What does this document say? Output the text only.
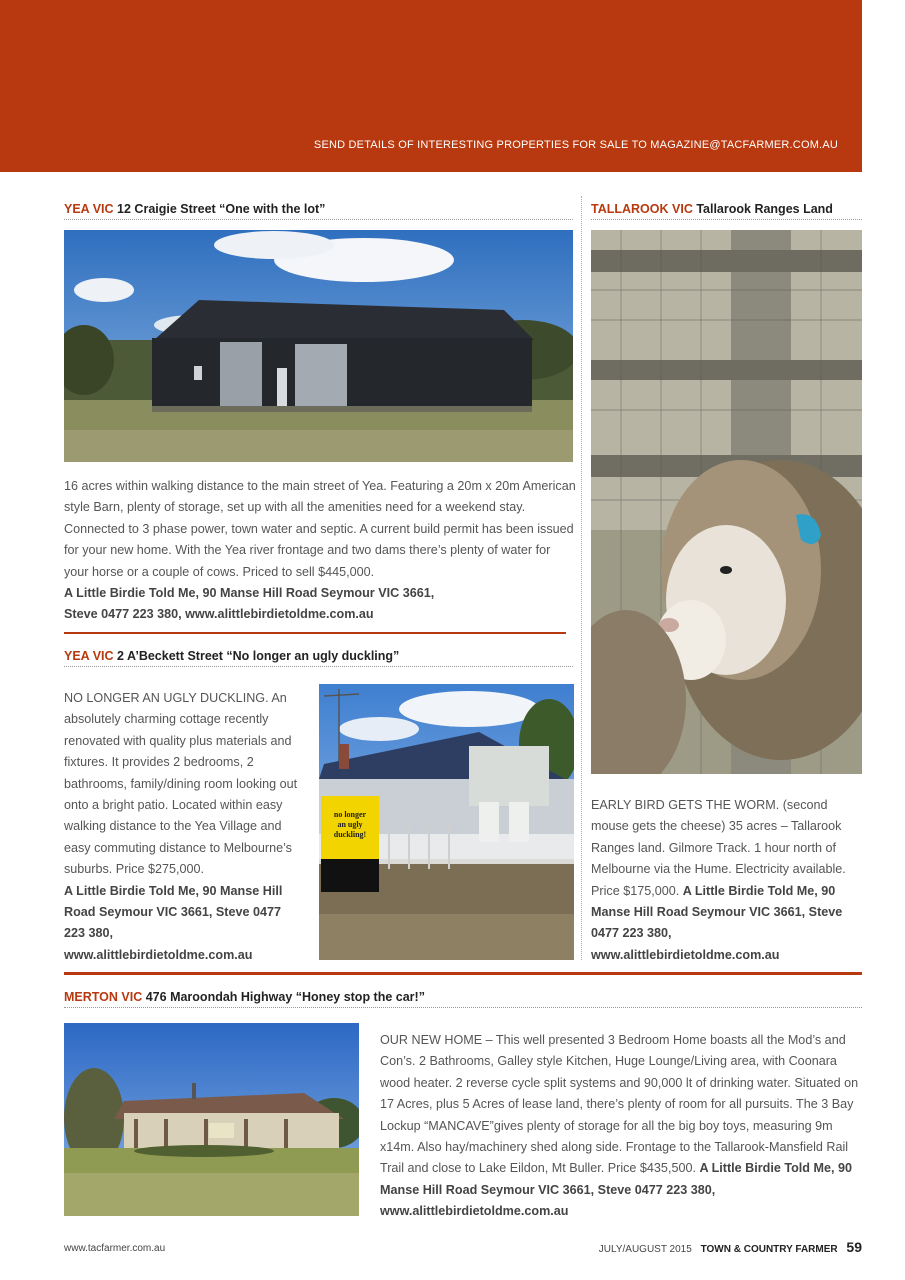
SEND DETAILS OF INTERESTING PROPERTIES FOR SALE TO MAGAZINE@TACFARMER.COM.AU
YEA VIC 12 Craigie Street “One with the lot”
16 acres within walking distance to the main street of Yea. Featuring a 20m x 20m American style Barn, plenty of storage, set up with all the amenities need for a weekend stay. Connected to 3 phase power, town water and septic. A current build permit has been issued for your new home. With the Yea river frontage and two dams there’s plenty of water for your horse or a couple of cows. Priced to sell $445,000.
A Little Birdie Told Me, 90 Manse Hill Road Seymour VIC 3661,
Steve 0477 223 380, www.alittlebirdietoldme.com.au
YEA VIC 2 A’Beckett Street “No longer an ugly duckling”
NO LONGER AN UGLY DUCKLING. An absolutely charming cottage recently renovated with quality plus materials and fixtures. It provides 2 bedrooms, 2 bathrooms, family/dining room looking out onto a bright patio. Located within easy walking distance to the Yea Village and easy commuting distance to Melbourne’s suburbs. Price $275,000.
A Little Birdie Told Me, 90 Manse Hill Road Seymour VIC 3661, Steve 0477 223 380, www.alittlebirdietoldme.com.au
no longer
an ugly
duckling!
TALLAROOK VIC Tallarook Ranges Land
EARLY BIRD GETS THE WORM. (second mouse gets the cheese) 35 acres – Tallarook Ranges land. Gilmore Track. 1 hour north of Melbourne via the Hume. Electricity available. Price $175,000. A Little Birdie Told Me, 90 Manse Hill Road Seymour VIC 3661, Steve 0477 223 380, www.alittlebirdietoldme.com.au
MERTON VIC 476 Maroondah Highway “Honey stop the car!”
OUR NEW HOME – This well presented 3 Bedroom Home boasts all the Mod’s and Con’s. 2 Bathrooms, Galley style Kitchen, Huge Lounge/Living area, with Coonara wood heater. 2 reverse cycle split systems and 90,000 lt of drinking water. Situated on 17 Acres, plus 5 Acres of lease land, there’s plenty of room for all pursuits. The 3 Bay Lockup “MANCAVE”gives plenty of storage for all the big boy toys, measuring 9m x14m. Also hay/machinery shed along side. Frontage to the Tallarook-Mansfield Rail Trail and close to Lake Eildon, Mt Buller. Price $435,500. A Little Birdie Told Me, 90 Manse Hill Road Seymour VIC 3661, Steve 0477 223 380, www.alittlebirdietoldme.com.au
www.tacfarmer.com.au	JULY/AUGUST 2015 TOWN & COUNTRY FARMER 59
